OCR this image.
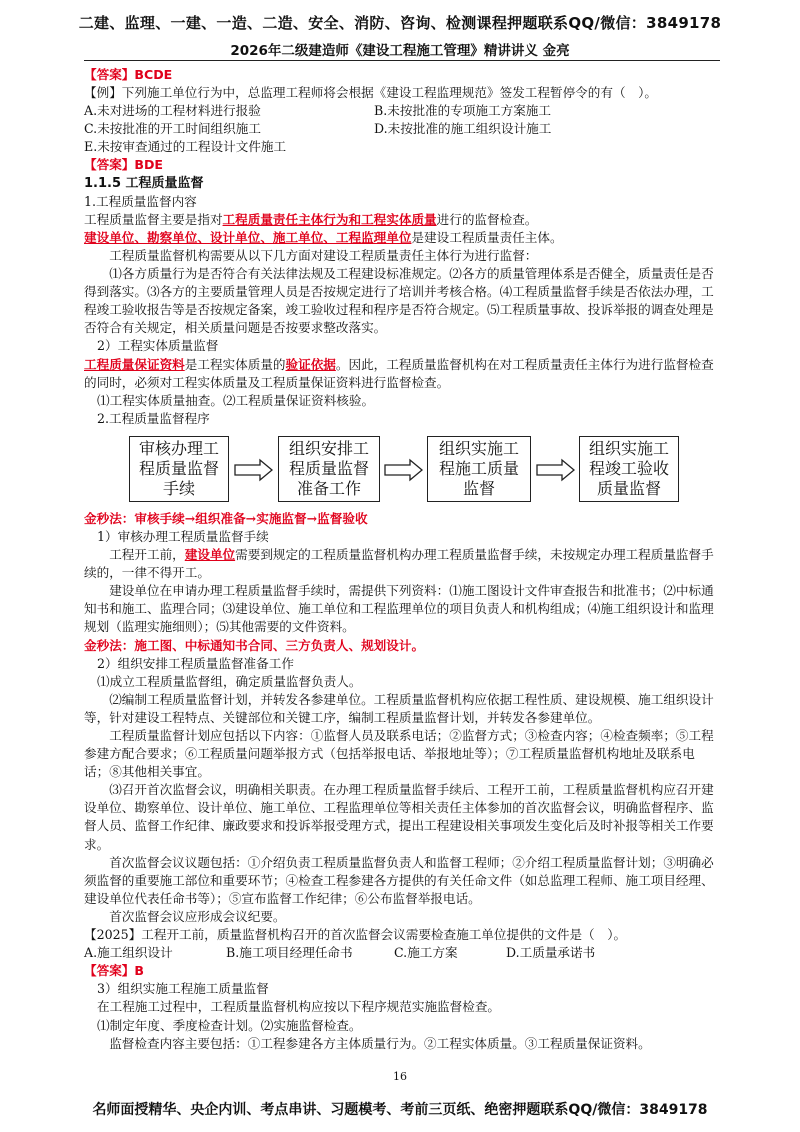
二建、监理、一建、一造、二造、安全、消防、咨询、检测课程押题联系QQ/微信：3849178
2026年二级建造师《建设工程施工管理》精讲讲义 金亮

【答案】BCDE

【例】下列施工单位行为中，总监理工程师将会根据《建设工程监理规范》签发工程暂停令的有（　）。

A.未对进场的工程材料进行报验	B.未按批准的专项施工方案施工

C.未按批准的开工时间组织施工	D.未按批准的施工组织设计施工

E.未按审查通过的工程设计文件施工

【答案】BDE

1.1.5 工程质量监督

1.工程质量监督内容

工程质量监督主要是指对工程质量责任主体行为和工程实体质量进行的监督检查。

建设单位、勘察单位、设计单位、施工单位、工程监理单位是建设工程质量责任主体。

工程质量监督机构需要从以下几方面对建设工程质量责任主体行为进行监督：

⑴各方质量行为是否符合有关法律法规及工程建设标准规定。⑵各方的质量管理体系是否健全，质量责任是否得到落实。⑶各方的主要质量管理人员是否按规定进行了培训并考核合格。⑷工程质量监督手续是否依法办理，工程竣工验收报告等是否按规定备案，竣工验收过程和程序是否符合规定。⑸工程质量事故、投诉举报的调查处理是否符合有关规定，相关质量问题是否按要求整改落实。

2）工程实体质量监督

工程质量保证资料是工程实体质量的验证依据。因此，工程质量监督机构在对工程质量责任主体行为进行监督检查的同时，必须对工程实体质量及工程质量保证资料进行监督检查。

⑴工程实体质量抽查。⑵工程质量保证资料核验。

2.工程质量监督程序

审核办理工程质量监督手续
组织安排工程质量监督准备工作
组织实施工程施工质量监督
组织实施工程竣工验收质量监督

金秒法：审核手续→组织准备→实施监督→监督验收

1）审核办理工程质量监督手续

工程开工前，建设单位需要到规定的工程质量监督机构办理工程质量监督手续，未按规定办理工程质量监督手续的，一律不得开工。

建设单位在申请办理工程质量监督手续时，需提供下列资料：⑴施工图设计文件审查报告和批准书；⑵中标通知书和施工、监理合同；⑶建设单位、施工单位和工程监理单位的项目负责人和机构组成；⑷施工组织设计和监理规划（监理实施细则）；⑸其他需要的文件资料。

金秒法：施工图、中标通知书合同、三方负责人、规划设计。

2）组织安排工程质量监督准备工作

⑴成立工程质量监督组，确定质量监督负责人。

⑵编制工程质量监督计划，并转发各参建单位。工程质量监督机构应依据工程性质、建设规模、施工组织设计等，针对建设工程特点、关键部位和关键工序，编制工程质量监督计划，并转发各参建单位。

工程质量监督计划应包括以下内容：①监督人员及联系电话；②监督方式；③检查内容；④检查频率；⑤工程参建方配合要求；⑥工程质量问题举报方式（包括举报电话、举报地址等）；⑦工程质量监督机构地址及联系电话；⑧其他相关事宜。

⑶召开首次监督会议，明确相关职责。在办理工程质量监督手续后、工程开工前，工程质量监督机构应召开建设单位、勘察单位、设计单位、施工单位、工程监理单位等相关责任主体参加的首次监督会议，明确监督程序、监督人员、监督工作纪律、廉政要求和投诉举报受理方式，提出工程建设相关事项发生变化后及时补报等相关工作要求。

首次监督会议议题包括：①介绍负责工程质量监督负责人和监督工程师；②介绍工程质量监督计划；③明确必须监督的重要施工部位和重要环节；④检查工程参建各方提供的有关任命文件（如总监理工程师、施工项目经理、建设单位代表任命书等）；⑤宣布监督工作纪律；⑥公布监督举报电话。

首次监督会议应形成会议纪要。

【2025】工程开工前，质量监督机构召开的首次监督会议需要检查施工单位提供的文件是（　）。

A.施工组织设计	B.施工项目经理任命书	C.施工方案	D.工质量承诺书

【答案】B

3）组织实施工程施工质量监督

在工程施工过程中，工程质量监督机构应按以下程序规范实施监督检查。

⑴制定年度、季度检查计划。⑵实施监督检查。

监督检查内容主要包括：①工程参建各方主体质量行为。②工程实体质量。③工程质量保证资料。

16
名师面授精华、央企内训、考点串讲、习题模考、考前三页纸、绝密押题联系QQ/微信：3849178
